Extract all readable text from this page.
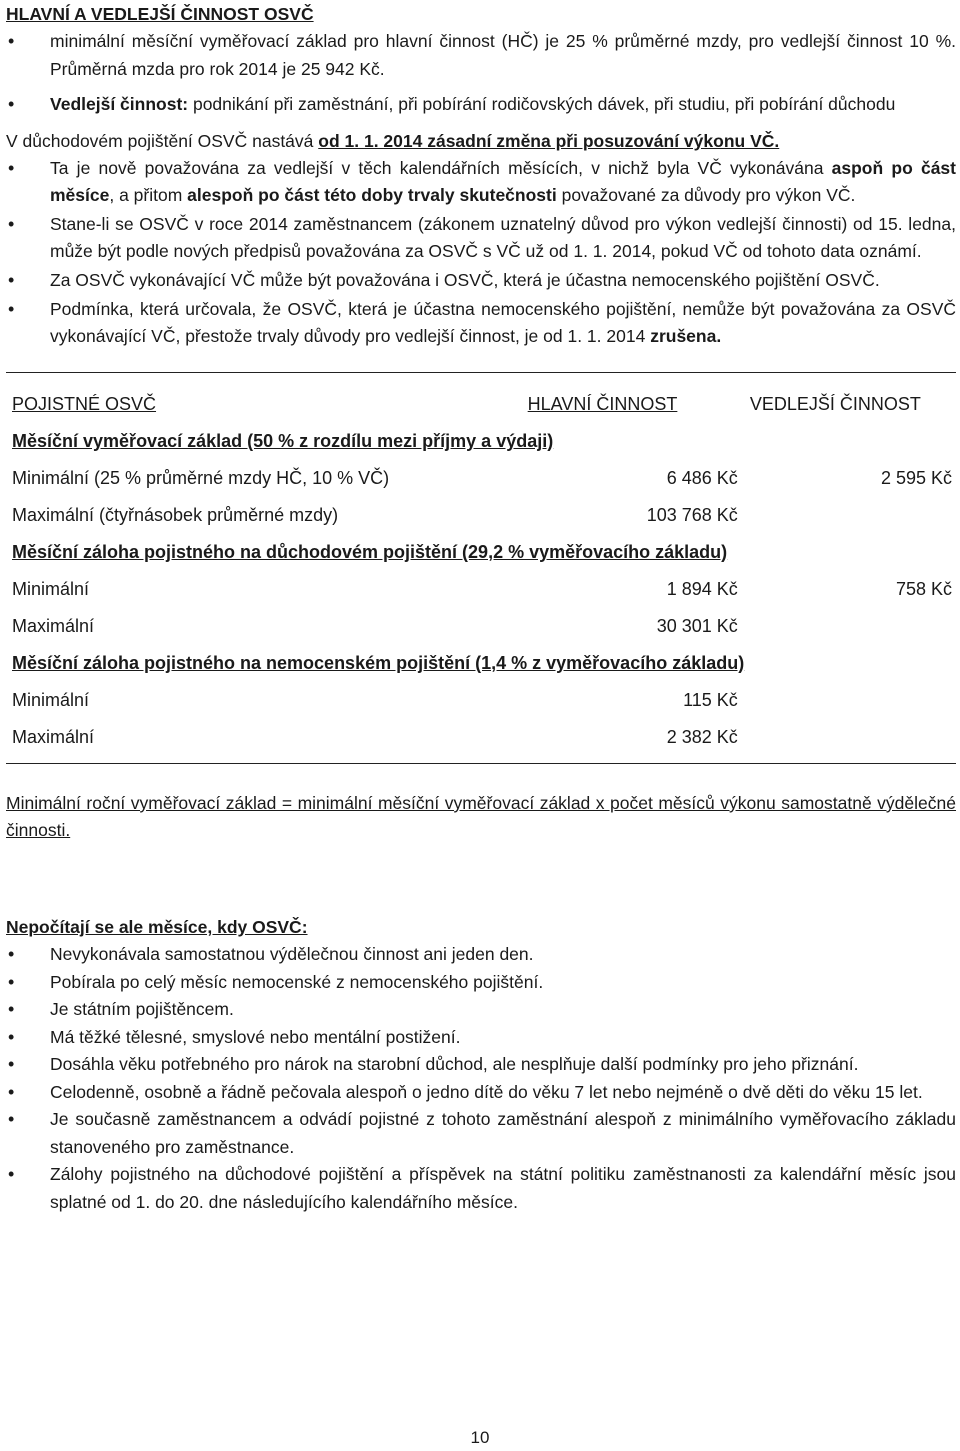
HLAVNÍ A VEDLEJŠÍ ČINNOST OSVČ
• minimální měsíční vyměřovací základ pro hlavní činnost (HČ) je 25 % průměrné mzdy, pro vedlejší činnost 10 %. Průměrná mzda pro rok 2014 je 25 942 Kč.
• Vedlejší činnost: podnikání při zaměstnání, při pobírání rodičovských dávek, při studiu, při pobírání důchodu

V důchodovém pojištění OSVČ nastává od 1. 1. 2014 zásadní změna při posuzování výkonu VČ.

• Ta je nově považována za vedlejší v těch kalendářních měsících, v nichž byla VČ vykonávána aspoň po část měsíce, a přitom alespoň po část této doby trvaly skutečnosti považované za důvody pro výkon VČ.
• Stane-li se OSVČ v roce 2014 zaměstnancem (zákonem uznatelný důvod pro výkon vedlejší činnosti) od 15. ledna, může být podle nových předpisů považována za OSVČ s VČ už od 1. 1. 2014, pokud VČ od tohoto data oznámí.
• Za OSVČ vykonávající VČ může být považována i OSVČ, která je účastna nemocenského pojištění OSVČ.
• Podmínka, která určovala, že OSVČ, která je účastna nemocenského pojištění, nemůže být považována za OSVČ vykonávající VČ, přestože trvaly důvody pro vedlejší činnost, je od 1. 1. 2014 zrušena.
POJISTNÉ OSVČ	HLAVNÍ ČINNOST	VEDLEJŠÍ ČINNOST
Měsíční vyměřovací základ (50 % z rozdílu mezi příjmy a výdaji)
Minimální (25 % průměrné mzdy HČ, 10 % VČ)	6 486 Kč	2 595 Kč
Maximální (čtyřnásobek průměrné mzdy)	103 768 Kč
Měsíční záloha pojistného na důchodovém pojištění (29,2 % vyměřovacího základu)
Minimální	1 894 Kč	758 Kč
Maximální	30 301 Kč
Měsíční záloha pojistného na nemocenském pojištění (1,4 % z vyměřovacího základu)
Minimální	115 Kč
Maximální	2 382 Kč

Minimální roční vyměřovací základ = minimální měsíční vyměřovací základ x počet měsíců výkonu samostatně výdělečné činnosti.

Nepočítají se ale měsíce, kdy OSVČ:
• Nevykonávala samostatnou výdělečnou činnost ani jeden den.
• Pobírala po celý měsíc nemocenské z nemocenského pojištění.
• Je státním pojištěncem.
• Má těžké tělesné, smyslové nebo mentální postižení.
• Dosáhla věku potřebného pro nárok na starobní důchod, ale nesplňuje další podmínky pro jeho přiznání.
• Celodenně, osobně a řádně pečovala alespoň o jedno dítě do věku 7 let nebo nejméně o dvě děti do věku 15 let.
• Je současně zaměstnancem a odvádí pojistné z tohoto zaměstnání alespoň z minimálního vyměřovacího základu stanoveného pro zaměstnance.
• Zálohy pojistného na důchodové pojištění a příspěvek na státní politiku zaměstnanosti za kalendářní měsíc jsou splatné od 1. do 20. dne následujícího kalendářního měsíce.
10
